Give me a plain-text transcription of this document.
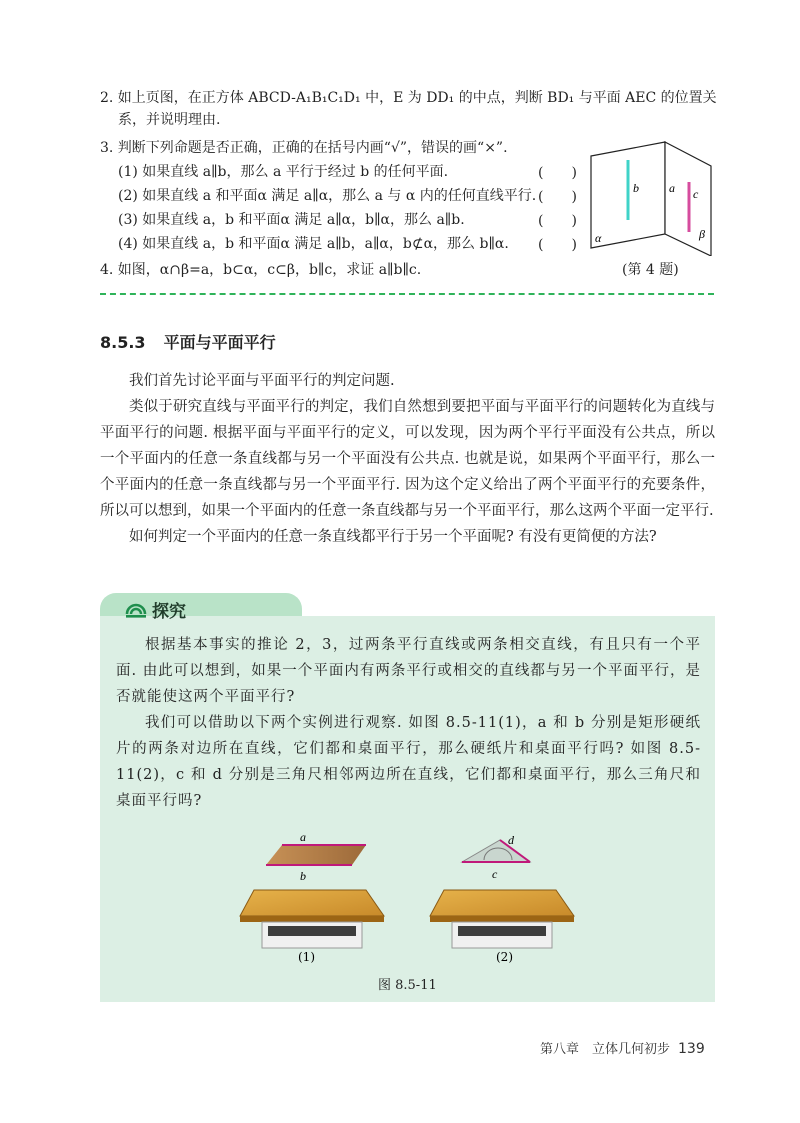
2. 如上页图，在正方体 ABCD-A₁B₁C₁D₁ 中，E 为 DD₁ 的中点，判断 BD₁ 与平面 AEC 的位置关
系，并说明理由.
3. 判断下列命题是否正确，正确的在括号内画“√”，错误的画“×”.
(1) 如果直线 a∥b，那么 a 平行于经过 b 的任何平面.	(　　)
(2) 如果直线 a 和平面α 满足 a∥α，那么 a 与 α 内的任何直线平行. (　　)
(3) 如果直线 a，b 和平面α 满足 a∥α，b∥α，那么 a∥b.	(　　)
(4) 如果直线 a，b 和平面α 满足 a∥b，a∥α，b⊄α，那么 b∥α. (　　)
4. 如图，α∩β=a，b⊂α，c⊂β，b∥c，求证 a∥b∥c.
b	a c
α	β
(第 4 题)
8.5.3 平面与平面平行

我们首先讨论平面与平面平行的判定问题.

类似于研究直线与平面平行的判定，我们自然想到要把平面与平面平行的问题转化为直线与平面平行的问题. 根据平面与平面平行的定义，可以发现，因为两个平行平面没有公共点，所以一个平面内的任意一条直线都与另一个平面没有公共点. 也就是说，如果两个平面平行，那么一个平面内的任意一条直线都与另一个平面平行. 因为这个定义给出了两个平面平行的充要条件，所以可以想到，如果一个平面内的任意一条直线都与另一个平面平行，那么这两个平面一定平行.

如何判定一个平面内的任意一条直线都平行于另一个平面呢? 有没有更简便的方法?

探究

根据基本事实的推论 2，3，过两条平行直线或两条相交直线，有且只有一个平面. 由此可以想到，如果一个平面内有两条平行或相交的直线都与另一个平面平行，是否就能使这两个平面平行?

我们可以借助以下两个实例进行观察. 如图 8.5-11(1)，a 和 b 分别是矩形硬纸片的两条对边所在直线，它们都和桌面平行，那么硬纸片和桌面平行吗? 如图 8.5-11(2)，c 和 d 分别是三角尺相邻两边所在直线，它们都和桌面平行，那么三角尺和桌面平行吗?

a
b
d
c
(1)	(2)
图 8.5-11
第八章　立体几何初步 139
